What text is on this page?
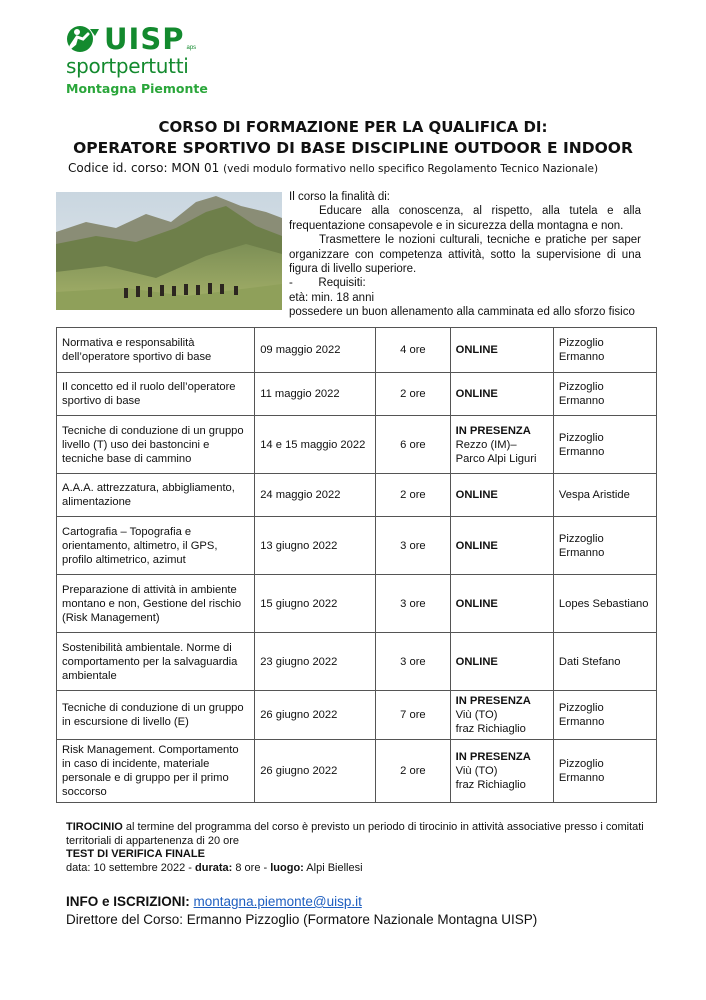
UISP aps
sportpertutti
Montagna Piemonte
CORSO DI FORMAZIONE PER LA QUALIFICA DI:
OPERATORE SPORTIVO DI BASE DISCIPLINE OUTDOOR E INDOOR
Codice id. corso: MON 01 (vedi modulo formativo nello specifico Regolamento Tecnico Nazionale)

Il corso la finalità di:

Educare alla conoscenza, al rispetto, alla tutela e alla frequentazione consapevole e in sicurezza della montagna e non.

Trasmettere le nozioni culturali, tecniche e pratiche per saper organizzare con competenza attività, sotto la supervisione di una figura di livello superiore.

-        Requisiti:

età: min. 18 anni

possedere un buon allenamento alla camminata ed allo sforzo fisico

Normativa e responsabilità dell’operatore sportivo di base	09 maggio 2022	4 ore	ONLINE	Pizzoglio Ermanno
Il concetto ed il ruolo dell’operatore sportivo di base	11 maggio 2022	2 ore	ONLINE	Pizzoglio Ermanno
Tecniche di conduzione di un gruppo livello (T) uso dei bastoncini e tecniche base di cammino	14 e 15 maggio 2022	6 ore	IN PRESENZA
Rezzo (IM)–
Parco Alpi Liguri	Pizzoglio Ermanno
A.A.A. attrezzatura, abbigliamento, alimentazione	24 maggio 2022	2 ore	ONLINE	Vespa Aristide
Cartografia – Topografia e orientamento, altimetro, il GPS, profilo altimetrico, azimut	13 giugno 2022	3 ore	ONLINE	Pizzoglio Ermanno
Preparazione di attività in ambiente montano e non, Gestione del rischio (Risk Management)	15 giugno 2022	3 ore	ONLINE	Lopes Sebastiano
Sostenibilità ambientale. Norme di comportamento per la salvaguardia ambientale	23 giugno 2022	3 ore	ONLINE	Dati Stefano
Tecniche di conduzione di un gruppo in escursione di livello (E)	26 giugno 2022	7 ore	IN PRESENZA
Viù (TO)
fraz Richiaglio	Pizzoglio Ermanno
Risk Management. Comportamento in caso di incidente, materiale personale e di gruppo per il primo soccorso	26 giugno 2022	2 ore	IN PRESENZA
Viù (TO)
fraz Richiaglio	Pizzoglio Ermanno
TIROCINIO al termine del programma del corso è previsto un periodo di tirocinio in attività associative presso i comitati territoriali di appartenenza di 20 ore
TEST DI VERIFICA FINALE
data: 10 settembre 2022 - durata: 8 ore - luogo: Alpi Biellesi
INFO e ISCRIZIONI: montagna.piemonte@uisp.it
Direttore del Corso: Ermanno Pizzoglio (Formatore Nazionale Montagna UISP)
